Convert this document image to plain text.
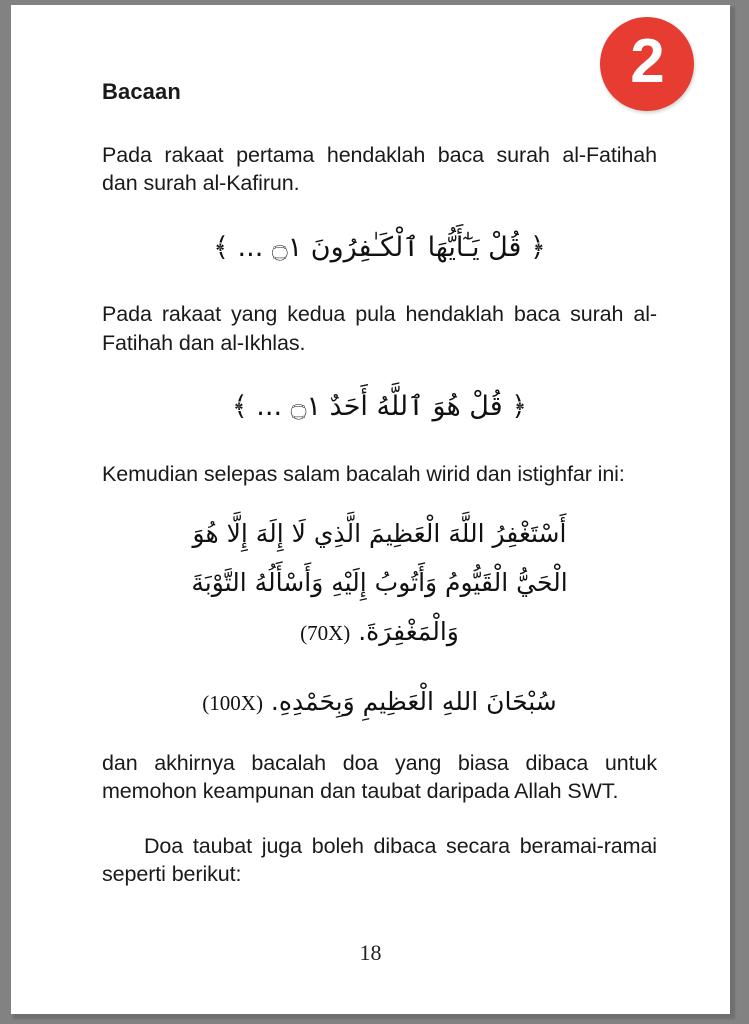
2
Bacaan

Pada rakaat pertama hendaklah baca surah al-Fatihah dan surah al-Kafirun.

﴿ قُلْ يَـٰٓأَيُّهَا ٱلْكَـٰفِرُونَ ۝١ ... ﴾

Pada rakaat yang kedua pula hendaklah baca surah al-Fatihah dan al-Ikhlas.

﴿ قُلْ هُوَ ٱللَّهُ أَحَدٌ ۝١ ... ﴾

Kemudian selepas salam bacalah wirid dan istighfar ini:

أَسْتَغْفِرُ اللَّهَ الْعَظِيمَ الَّذِي لَا إِلَهَ إِلَّا هُوَ
الْحَيُّ الْقَيُّومُ وَأَتُوبُ إِلَيْهِ وَأَسْأَلُهُ التَّوْبَةَ
وَالْمَغْفِرَةَ. (70X)
سُبْحَانَ اللهِ الْعَظِيمِ وَبِحَمْدِهِ. (100X)

dan akhirnya bacalah doa yang biasa dibaca untuk memohon keampunan dan taubat daripada Allah SWT.

Doa taubat juga boleh dibaca secara beramai-ramai seperti berikut:

18
